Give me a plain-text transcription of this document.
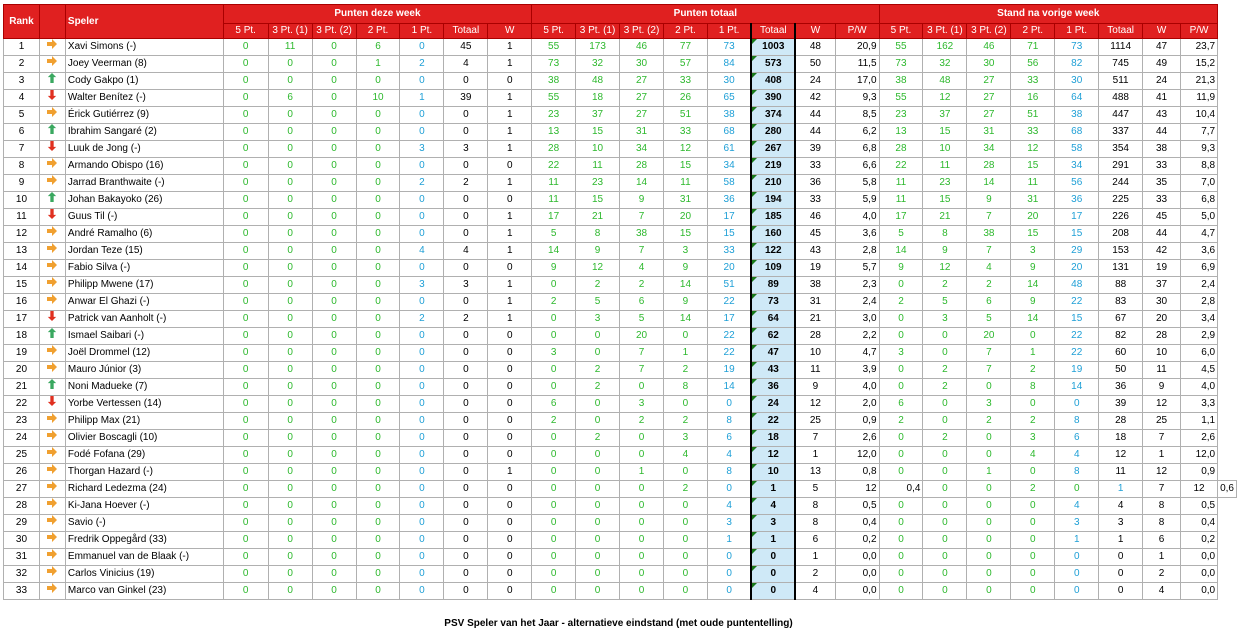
Rank		Speler	Punten deze week							Punten totaal								Stand na vorige week								
			5 Pt.	3 Pt. (1)	3 Pt. (2)	2 Pt.	1 Pt.	Totaal	W	5 Pt.	3 Pt. (1)	3 Pt. (2)	2 Pt.	1 Pt.	Totaal	W	P/W	5 Pt.	3 Pt. (1)	3 Pt. (2)	2 Pt.	1 Pt.	Totaal	W	P/W	
1		Xavi Simons (-)	0	11	0	6	0	45	1	55	173	46	77	73	1003	48	20,9	55	162	46	71	73	1114	47	23,7	
2		Joey Veerman (8)	0	0	0	1	2	4	1	73	32	30	57	84	573	50	11,5	73	32	30	56	82	745	49	15,2	
3		Cody Gakpo (1)	0	0	0	0	0	0	0	38	48	27	33	30	408	24	17,0	38	48	27	33	30	511	24	21,3	
4		Walter Benítez (-)	0	6	0	10	1	39	1	55	18	27	26	65	390	42	9,3	55	12	27	16	64	488	41	11,9	
5		Érick Gutiérrez (9)	0	0	0	0	0	0	1	23	37	27	51	38	374	44	8,5	23	37	27	51	38	447	43	10,4	
6		Ibrahim Sangaré (2)	0	0	0	0	0	0	1	13	15	31	33	68	280	44	6,2	13	15	31	33	68	337	44	7,7	
7		Luuk de Jong (-)	0	0	0	0	3	3	1	28	10	34	12	61	267	39	6,8	28	10	34	12	58	354	38	9,3	
8		Armando Obispo (16)	0	0	0	0	0	0	0	22	11	28	15	34	219	33	6,6	22	11	28	15	34	291	33	8,8	
9		Jarrad Branthwaite (-)	0	0	0	0	2	2	1	11	23	14	11	58	210	36	5,8	11	23	14	11	56	244	35	7,0	
10		Johan Bakayoko (26)	0	0	0	0	0	0	0	11	15	9	31	36	194	33	5,9	11	15	9	31	36	225	33	6,8	
11		Guus Til (-)	0	0	0	0	0	0	1	17	21	7	20	17	185	46	4,0	17	21	7	20	17	226	45	5,0	
12		André Ramalho (6)	0	0	0	0	0	0	1	5	8	38	15	15	160	45	3,6	5	8	38	15	15	208	44	4,7	
13		Jordan Teze (15)	0	0	0	0	4	4	1	14	9	7	3	33	122	43	2,8	14	9	7	3	29	153	42	3,6	
14		Fabio Silva (-)	0	0	0	0	0	0	0	9	12	4	9	20	109	19	5,7	9	12	4	9	20	131	19	6,9	
15		Philipp Mwene (17)	0	0	0	0	3	3	1	0	2	2	14	51	89	38	2,3	0	2	2	14	48	88	37	2,4	
16		Anwar El Ghazi (-)	0	0	0	0	0	0	1	2	5	6	9	22	73	31	2,4	2	5	6	9	22	83	30	2,8	
17		Patrick van Aanholt (-)	0	0	0	0	2	2	1	0	3	5	14	17	64	21	3,0	0	3	5	14	15	67	20	3,4	
18		Ismael Saibari (-)	0	0	0	0	0	0	0	0	0	20	0	22	62	28	2,2	0	0	20	0	22	82	28	2,9	
19		Joël Drommel (12)	0	0	0	0	0	0	0	3	0	7	1	22	47	10	4,7	3	0	7	1	22	60	10	6,0	
20		Mauro Júnior (3)	0	0	0	0	0	0	0	0	2	7	2	19	43	11	3,9	0	2	7	2	19	50	11	4,5	
21		Noni Madueke (7)	0	0	0	0	0	0	0	0	2	0	8	14	36	9	4,0	0	2	0	8	14	36	9	4,0	
22		Yorbe Vertessen (14)	0	0	0	0	0	0	0	6	0	3	0	0	24	12	2,0	6	0	3	0	0	39	12	3,3	
23		Philipp Max (21)	0	0	0	0	0	0	0	2	0	2	2	8	22	25	0,9	2	0	2	2	8	28	25	1,1	
24		Olivier Boscagli (10)	0	0	0	0	0	0	0	0	2	0	3	6	18	7	2,6	0	2	0	3	6	18	7	2,6	
25		Fodé Fofana (29)	0	0	0	0	0	0	0	0	0	0	4	4	12	1	12,0	0	0	0	4	4	12	1	12,0	
26		Thorgan Hazard (-)	0	0	0	0	0	0	1	0	0	1	0	8	10	13	0,8	0	0	1	0	8	11	12	0,9	
27		Richard Ledezma (24)	0	0	0	0	0	0	0	0	0	0	2	0	1	5	12	0,4	0	0	2	0	1	7	12	0,6
28		Ki-Jana Hoever (-)	0	0	0	0	0	0	0	0	0	0	0	4	4	8	0,5	0	0	0	0	4	4	8	0,5	
29		Savio (-)	0	0	0	0	0	0	0	0	0	0	0	3	3	8	0,4	0	0	0	0	3	3	8	0,4	
30		Fredrik Oppegård (33)	0	0	0	0	0	0	0	0	0	0	0	1	1	6	0,2	0	0	0	0	1	1	6	0,2	
31		Emmanuel van de Blaak (-)	0	0	0	0	0	0	0	0	0	0	0	0	0	1	0,0	0	0	0	0	0	0	1	0,0	
32		Carlos Vinicius (19)	0	0	0	0	0	0	0	0	0	0	0	0	0	2	0,0	0	0	0	0	0	0	2	0,0	
33		Marco van Ginkel (23)	0	0	0	0	0	0	0	0	0	0	0	0	0	4	0,0	0	0	0	0	0	0	4	0,0	
PSV Speler van het Jaar - alternatieve eindstand (met oude puntentelling)
